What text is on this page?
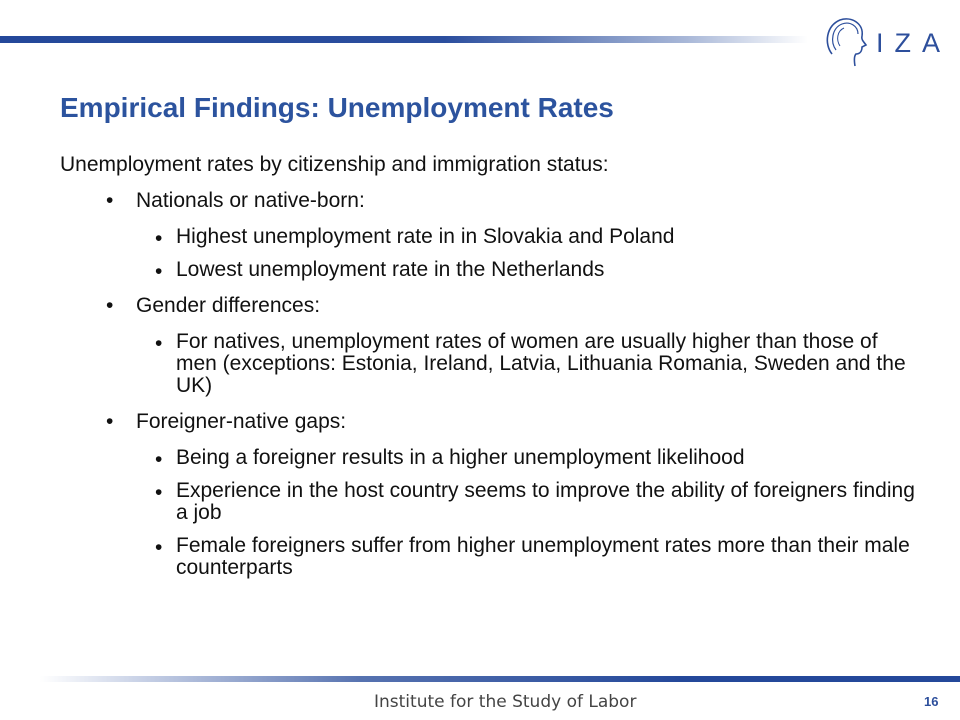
IZA
Empirical Findings: Unemployment Rates

Unemployment rates by citizenship and immigration status:

• Nationals or native-born:
• Highest unemployment rate in in Slovakia and Poland
• Lowest unemployment rate in the Netherlands
• Gender differences:
• For natives, unemployment rates of women are usually higher than those of men (exceptions: Estonia, Ireland, Latvia, Lithuania Romania, Sweden and the UK)
• Foreigner-native gaps:
• Being a foreigner results in a higher unemployment likelihood
• Experience in the host country seems to improve the ability of foreigners finding a job
• Female foreigners suffer from higher unemployment rates more than their male counterparts
Institute for the Study of Labor	16
